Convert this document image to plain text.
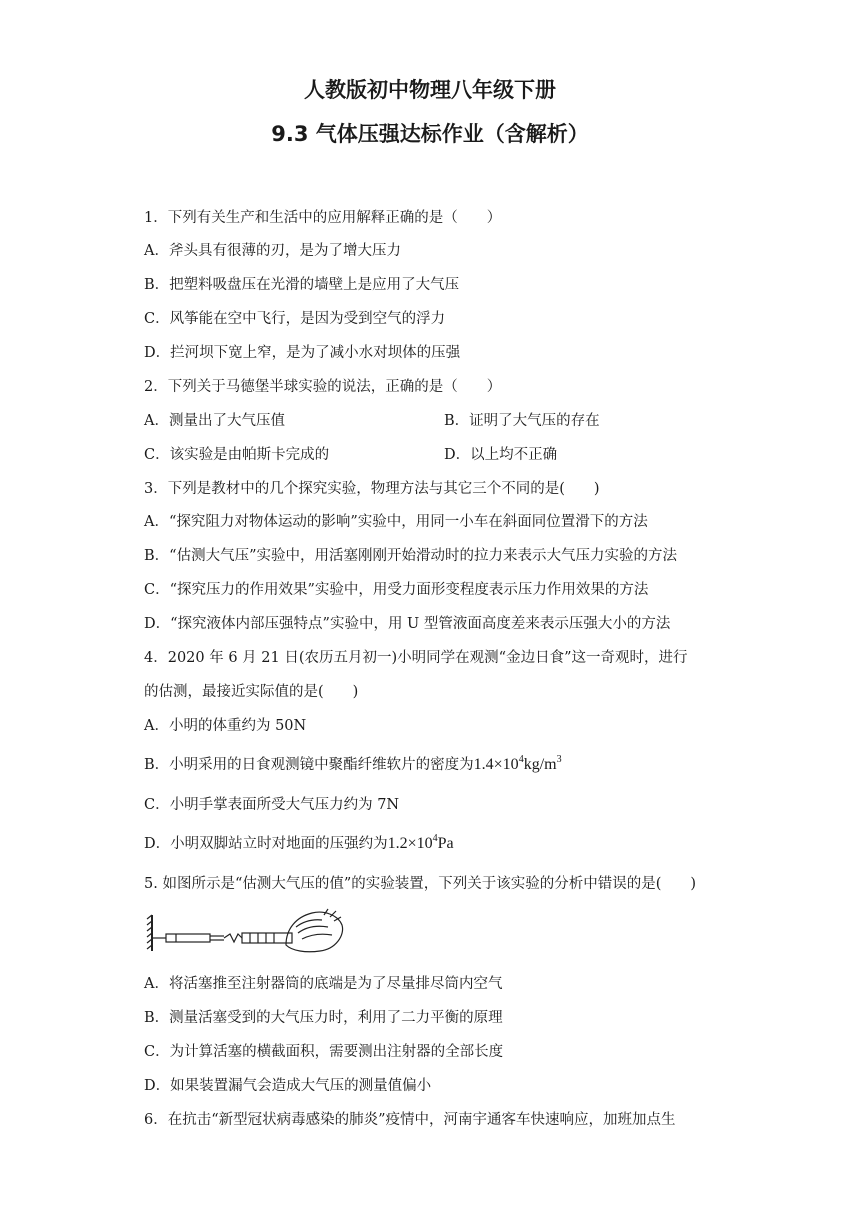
人教版初中物理八年级下册
9.3 气体压强达标作业（含解析）
1．下列有关生产和生活中的应用解释正确的是（　　）
A．斧头具有很薄的刃，是为了增大压力
B．把塑料吸盘压在光滑的墙壁上是应用了大气压
C．风筝能在空中飞行，是因为受到空气的浮力
D．拦河坝下宽上窄，是为了减小水对坝体的压强
2．下列关于马德堡半球实验的说法，正确的是（　　）
A．测量出了大气压值	B．证明了大气压的存在
C．该实验是由帕斯卡完成的	D．以上均不正确
3．下列是教材中的几个探究实验，物理方法与其它三个不同的是(　　)
A．“探究阻力对物体运动的影响”实验中，用同一小车在斜面同位置滑下的方法
B．“估测大气压”实验中，用活塞刚刚开始滑动时的拉力来表示大气压力实验的方法
C．“探究压力的作用效果”实验中，用受力面形变程度表示压力作用效果的方法
D．“探究液体内部压强特点”实验中，用 U 型管液面高度差来表示压强大小的方法
4．2020 年 6 月 21 日(农历五月初一)小明同学在观测“金边日食”这一奇观时，进行
的估测，最接近实际值的是(　　)
A．小明的体重约为 50N
B．小明采用的日食观测镜中聚酯纤维软片的密度为$1.4\times 10^4kg/m^3$
C．小明手掌表面所受大气压力约为 7N
D．小明双脚站立时对地面的压强约为$1.2\times 10^4Pa$
5. 如图所示是“估测大气压的值”的实验装置，下列关于该实验的分析中错误的是(　　)
A．将活塞推至注射器筒的底端是为了尽量排尽筒内空气
B．测量活塞受到的大气压力时，利用了二力平衡的原理
C．为计算活塞的横截面积，需要测出注射器的全部长度
D．如果装置漏气会造成大气压的测量值偏小
6．在抗击“新型冠状病毒感染的肺炎”疫情中，河南宇通客车快速响应，加班加点生
